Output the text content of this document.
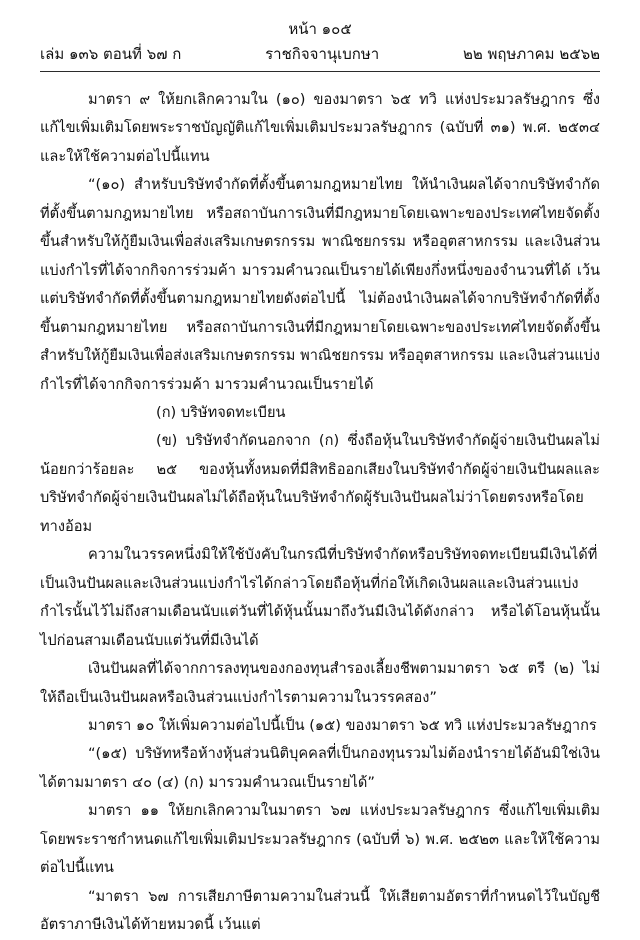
หน้า ๑๐๕
เล่ม ๑๓๖ ตอนที่ ๖๗ ก	ราชกิจจานุเบกษา	๒๒ พฤษภาคม ๒๕๖๒

มาตรา ๙ ให้ยกเลิกความใน (๑๐) ของมาตรา ๖๕ ทวิ แห่งประมวลรัษฎากร ซึ่งแก้ไขเพิ่มเติมโดยพระราชบัญญัติแก้ไขเพิ่มเติมประมวลรัษฎากร (ฉบับที่ ๓๑) พ.ศ. ๒๕๓๔ และให้ใช้ความต่อไปนี้แทน

“(๑๐) สำหรับบริษัทจำกัดที่ตั้งขึ้นตามกฎหมายไทย ให้นำเงินผลได้จากบริษัทจำกัดที่ตั้งขึ้นตามกฎหมายไทย หรือสถาบันการเงินที่มีกฎหมายโดยเฉพาะของประเทศไทยจัดตั้งขึ้นสำหรับให้กู้ยืมเงินเพื่อส่งเสริมเกษตรกรรม พาณิชยกรรม หรืออุตสาหกรรม และเงินส่วนแบ่งกำไรที่ได้จากกิจการร่วมค้า มารวมคำนวณเป็นรายได้เพียงกึ่งหนึ่งของจำนวนที่ได้ เว้นแต่บริษัทจำกัดที่ตั้งขึ้นตามกฎหมายไทยดังต่อไปนี้ ไม่ต้องนำเงินผลได้จากบริษัทจำกัดที่ตั้งขึ้นตามกฎหมายไทย หรือสถาบันการเงินที่มีกฎหมายโดยเฉพาะของประเทศไทยจัดตั้งขึ้นสำหรับให้กู้ยืมเงินเพื่อส่งเสริมเกษตรกรรม พาณิชยกรรม หรืออุตสาหกรรม และเงินส่วนแบ่งกำไรที่ได้จากกิจการร่วมค้า มารวมคำนวณเป็นรายได้

(ก) บริษัทจดทะเบียน

(ข) บริษัทจำกัดนอกจาก (ก) ซึ่งถือหุ้นในบริษัทจำกัดผู้จ่ายเงินปันผลไม่น้อยกว่าร้อยละ ๒๕ ของหุ้นทั้งหมดที่มีสิทธิออกเสียงในบริษัทจำกัดผู้จ่ายเงินปันผลและบริษัทจำกัดผู้จ่ายเงินปันผลไม่ได้ถือหุ้นในบริษัทจำกัดผู้รับเงินปันผลไม่ว่าโดยตรงหรือโดยทางอ้อม

ความในวรรคหนึ่งมิให้ใช้บังคับในกรณีที่บริษัทจำกัดหรือบริษัทจดทะเบียนมีเงินได้ที่เป็นเงินปันผลและเงินส่วนแบ่งกำไรได้กล่าวโดยถือหุ้นที่ก่อให้เกิดเงินผลและเงินส่วนแบ่งกำไรนั้นไว้ไม่ถึงสามเดือนนับแต่วันที่ได้หุ้นนั้นมาถึงวันมีเงินได้ดังกล่าว หรือได้โอนหุ้นนั้นไปก่อนสามเดือนนับแต่วันที่มีเงินได้

เงินปันผลที่ได้จากการลงทุนของกองทุนสำรองเลี้ยงชีพตามมาตรา ๖๕ ตรี (๒) ไม่ให้ถือเป็นเงินปันผลหรือเงินส่วนแบ่งกำไรตามความในวรรคสอง”

มาตรา ๑๐ ให้เพิ่มความต่อไปนี้เป็น (๑๕) ของมาตรา ๖๕ ทวิ แห่งประมวลรัษฎากร

“(๑๕) บริษัทหรือห้างหุ้นส่วนนิติบุคคลที่เป็นกองทุนรวมไม่ต้องนำรายได้อันมิใช่เงินได้ตามมาตรา ๔๐ (๔) (ก) มารวมคำนวณเป็นรายได้”

มาตรา ๑๑ ให้ยกเลิกความในมาตรา ๖๗ แห่งประมวลรัษฎากร ซึ่งแก้ไขเพิ่มเติมโดยพระราชกำหนดแก้ไขเพิ่มเติมประมวลรัษฎากร (ฉบับที่ ๖) พ.ศ. ๒๕๒๓ และให้ใช้ความต่อไปนี้แทน

“มาตรา ๖๗ การเสียภาษีตามความในส่วนนี้ ให้เสียตามอัตราที่กำหนดไว้ในบัญชีอัตราภาษีเงินได้ท้ายหมวดนี้ เว้นแต่
